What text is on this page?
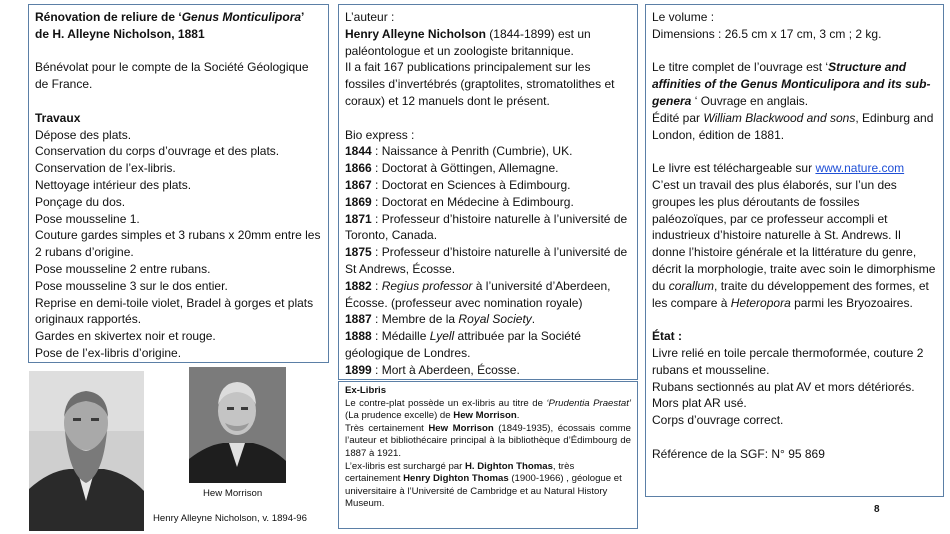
Rénovation de reliure de ‘Genus Monticulipora’

de H. Alleyne Nicholson, 1881

Bénévolat pour le compte de la Société Géologique de France.

Travaux

Dépose des plats.

Conservation du corps d’ouvrage et des plats.

Conservation de l’ex-libris.

Nettoyage intérieur des plats.

Ponçage du dos.

Pose mousseline 1.

Couture gardes simples et 3 rubans x 20mm entre les 2 rubans d’origine.

Pose mousseline 2 entre rubans.

Pose mousseline 3 sur le dos entier.

Reprise en demi-toile violet, Bradel à gorges et plats originaux rapportés.

Gardes en skivertex noir et rouge.

Pose de l’ex-libris d’origine.

L’auteur :

Henry Alleyne Nicholson (1844-1899) est un paléontologue et un zoologiste britannique.

Il a fait 167 publications principalement sur les fossiles d’invertébrés (graptolites, stromatolithes et coraux) et 12 manuels dont le présent.

Bio express :

1844 : Naissance à Penrith (Cumbrie), UK.

1866 : Doctorat à Göttingen, Allemagne.

1867 : Doctorat en Sciences à Edimbourg.

1869 : Doctorat en Médecine à Edimbourg.

1871 : Professeur d’histoire naturelle à l’université de Toronto, Canada.

1875 : Professeur d’histoire naturelle à l’université de St Andrews, Écosse.

1882 : Regius professor à l’université d’Aberdeen, Écosse. (professeur avec nomination royale)

1887 : Membre de la Royal Society.

1888 : Médaille Lyell attribuée par la Société géologique de Londres.

1899 : Mort à Aberdeen, Écosse.

Ex-Libris

Le contre-plat possède un ex-libris au titre de ‘Prudentia Praestat’ (La prudence excelle) de Hew Morrison.

Très certainement Hew Morrison (1849-1935), écossais comme l’auteur et bibliothécaire principal à la bibliothèque d’Édimbourg de 1887 à 1921.

L’ex-libris est surchargé par H. Dighton Thomas, très certainement Henry Dighton Thomas (1900-1966) , géologue et universitaire à l’Université de Cambridge et au Natural History Museum.

Le volume :

Dimensions : 26.5 cm x 17 cm, 3 cm ; 2 kg.

Le titre complet de l’ouvrage est ‘Structure and affinities of the Genus Monticulipora and its sub-genera ‘ Ouvrage en anglais.

Édité par William Blackwood and sons, Edinburg and London, édition de 1881.

Le livre est téléchargeable sur www.nature.com

C’est un travail des plus élaborés, sur l’un des groupes les plus déroutants de fossiles paléozoïques, par ce professeur accompli et industrieux d’histoire naturelle à St. Andrews. Il donne l’histoire générale et la littérature du genre, décrit la morphologie, traite avec soin le dimorphisme du corallum, traite du développement des formes, et les compare à Heteropora parmi les Bryozoaires.

État :

Livre relié en toile percale thermoformée, couture 2 rubans et mousseline.

Rubans sectionnés au plat AV et mors détériorés. Mors plat AR usé.

Corps d’ouvrage correct.

Référence de la SGF: N° 95 869

Hew Morrison
Henry Alleyne Nicholson, v. 1894-96
8
